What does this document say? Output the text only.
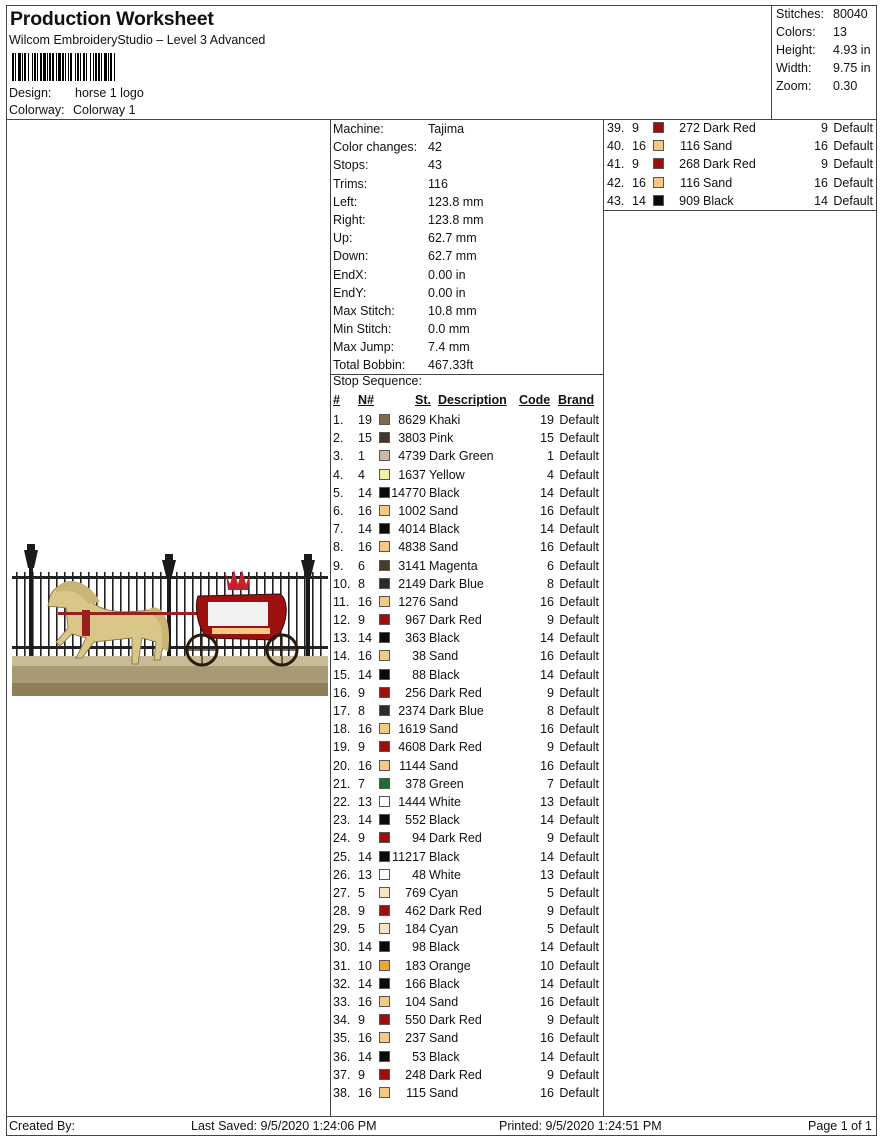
Production Worksheet
Wilcom EmbroideryStudio – Level 3 Advanced
Design: horse 1 logo
Colorway: Colorway 1
Stitches: 80040
Colors: 13
Height: 4.93 in
Width: 9.75 in
Zoom: 0.30
Machine:	Tajima
Color changes: 42
Stops:	43
Trims:	116
Left:	123.8 mm
Right:	123.8 mm
Up:	62.7 mm
Down:	62.7 mm
EndX:	0.00 in
EndY:	0.00 in
Max Stitch:	10.8 mm
Min Stitch:	0.0 mm
Max Jump:	7.4 mm
Total Bobbin: 467.33ft
Stop Sequence:
# N#	St. Description Code Brand
1. 19 8629 Khaki	19 Default
2. 15 3803 Pink	15 Default
3. 1	4739 Dark Green	1 Default
4. 4	1637 Yellow	4 Default
5. 14 14770 Black	14 Default
6. 16 1002 Sand	16 Default
7. 14 4014 Black	14 Default
8. 16 4838 Sand	16 Default
9. 6	3141 Magenta	6 Default
10. 8	2149 Dark Blue	8 Default
11. 16 1276 Sand	16 Default
12. 9	967 Dark Red	9 Default
13. 14	363 Black	14 Default
14. 16	38 Sand	16 Default
15. 14	88 Black	14 Default
16. 9	256 Dark Red	9 Default
17. 8	2374 Dark Blue	8 Default
18. 16 1619 Sand	16 Default
19. 9	4608 Dark Red	9 Default
20. 16 1144 Sand	16 Default
21. 7	378 Green	7 Default
22. 13 1444 White	13 Default
23. 14	552 Black	14 Default
24. 9	94 Dark Red	9 Default
25. 14 11217 Black	14 Default
26. 13	48 White	13 Default
27. 5	769 Cyan	5 Default
28. 9	462 Dark Red	9 Default
29. 5	184 Cyan	5 Default
30. 14	98 Black	14 Default
31. 10	183 Orange	10 Default
32. 14	166 Black	14 Default
33. 16	104 Sand	16 Default
34. 9	550 Dark Red	9 Default
35. 16	237 Sand	16 Default
36. 14	53 Black	14 Default
37. 9	248 Dark Red	9 Default
38. 16	115 Sand	16 Default
39. 9	272 Dark Red	9 Default
40. 16	116 Sand	16 Default
41. 9	268 Dark Red	9 Default
42. 16	116 Sand	16 Default
43. 14	909 Black	14 Default
Created By:	Last Saved: 9/5/2020 1:24:06 PM	Printed: 9/5/2020 1:24:51 PM	Page 1 of 1
